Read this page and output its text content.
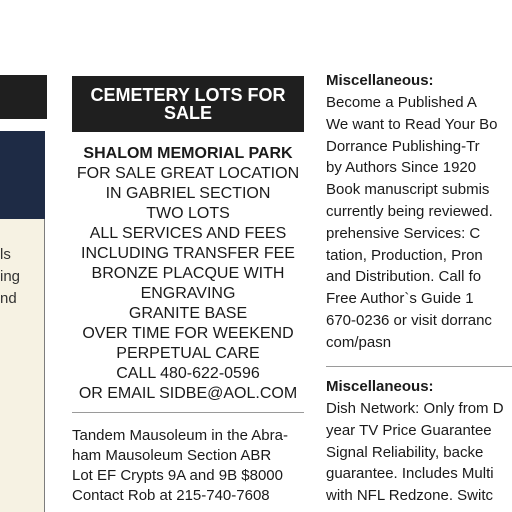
ls
ing
nd
CEMETERY LOTS FOR
SALE
SHALOM MEMORIAL PARK
FOR SALE GREAT LOCATION
IN GABRIEL SECTION
TWO LOTS
ALL SERVICES AND FEES
INCLUDING TRANSFER FEE
BRONZE PLACQUE WITH
ENGRAVING
GRANITE BASE
OVER TIME FOR WEEKEND
PERPETUAL CARE
CALL 480-622-0596
OR EMAIL SIDBE@AOL.COM
Tandem Mausoleum in the Abra-
ham Mausoleum Section ABR
Lot EF Crypts 9A and 9B $8000
Contact Rob at 215-740-7608
Miscellaneous:
Become a Published A
We want to Read Your Bo
Dorrance Publishing-Tr
by Authors Since 1920
Book manuscript submis
currently being reviewed.
prehensive Services: C
tation, Production, Pron
and Distribution. Call fo
Free Author`s Guide 1
670-0236 or visit dorranc
com/pasn
Miscellaneous:
Dish Network: Only from D
year TV Price Guarantee
Signal Reliability, backe
guarantee. Includes Multi
with NFL Redzone. Switc
